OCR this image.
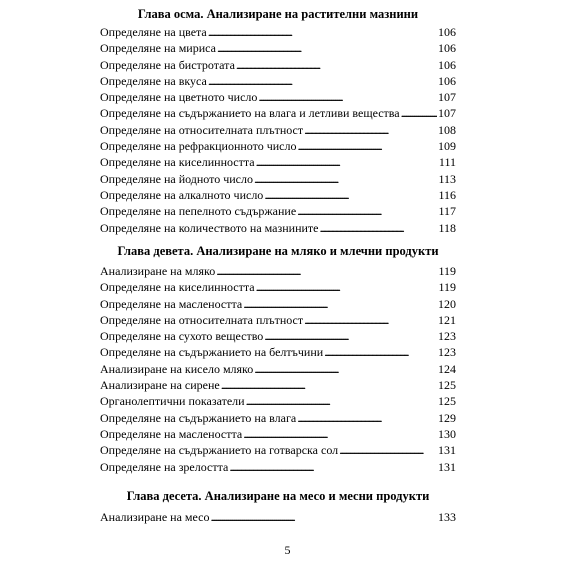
Глава осма. Анализиране на растителни мазнини
Определяне на цвета . . .	106
Определяне на мириса . . .	106
Определяне на бистротата . . .	106
Определяне на вкуса . . .	106
Определяне на цветното число . . .	107
Определяне на съдържанието на влага и летливи вещества . . .	107
Определяне на относителната плътност . . .	108
Определяне на рефракционното число . . .	109
Определяне на киселинността . . .	111
Определяне на йодното число . . .	113
Определяне на алкалното число . . .	116
Определяне на пепелното съдържание . . .	117
Определяне на количеството на мазнините . . .	118
Глава девета. Анализиране на мляко и млечни продукти
Анализиране на мляко . . .	119
Определяне на киселинността . . .	119
Определяне на маслеността . . .	120
Определяне на относителната плътност . . .	121
Определяне на сухото вещество . . .	123
Определяне на съдържанието на белтъчини . . .	123
Анализиране на кисело мляко . . .	124
Анализиране на сирене . . .	125
Органолептични показатели . . .	125
Определяне на съдържанието на влага . . .	129
Определяне на маслеността . . .	130
Определяне на съдържанието на готварска сол . . .	131
Определяне на зрелостта . . .	131
Глава десета. Анализиране на месо и месни продукти
Анализиране на месо . . .	133
5
